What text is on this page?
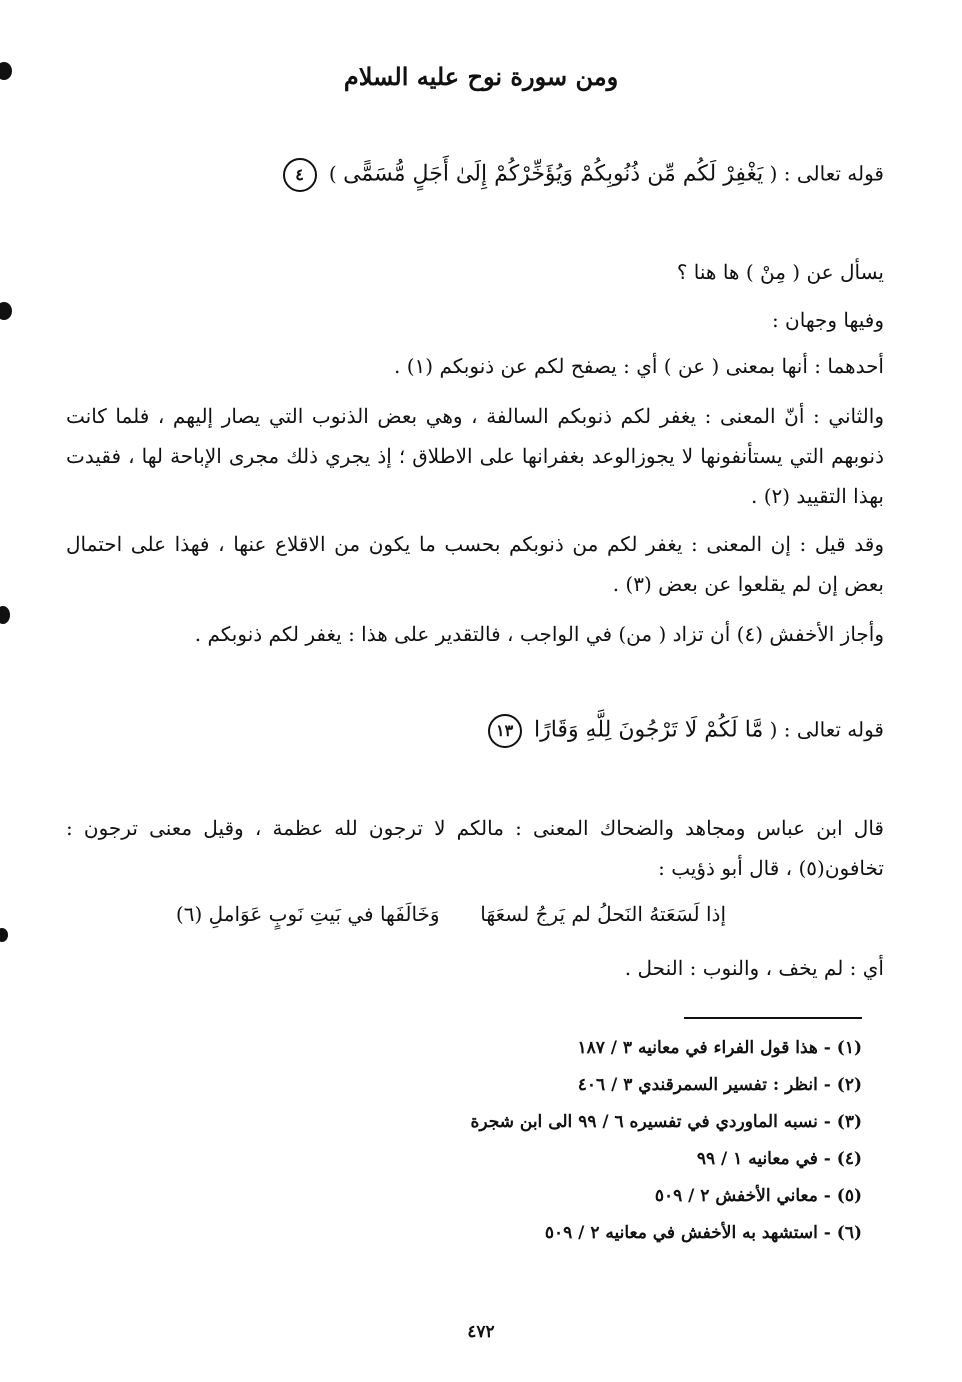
ومن سورة نوح عليه السلام
قوله تعالى : ( يَغْفِرْ لَكُم مِّن ذُنُوبِكُمْ وَيُؤَخِّرْكُمْ إِلَىٰ أَجَلٍ مُّسَمًّى ) ٤
يسأل عن ( مِنْ ) ها هنا ؟
وفيها وجهان :
أحدهما : أنها بمعنى ( عن ) أي : يصفح لكم عن ذنوبكم (١) .
والثاني : أنّ المعنى : يغفر لكم ذنوبكم السالفة ، وهي بعض الذنوب التي يصار إليهم ، فلما كانت ذنوبهم التي يستأنفونها لا يجوزالوعد بغفرانها على الاطلاق ؛ إذ يجري ذلك مجرى الإباحة لها ، فقيدت بهذا التقييد (٢) .
وقد قيل : إن المعنى : يغفر لكم من ذنوبكم بحسب ما يكون من الاقلاع عنها ، فهذا على احتمال بعض إن لم يقلعوا عن بعض (٣) .
وأجاز الأخفش (٤) أن تزاد ( من) في الواجب ، فالتقدير على هذا : يغفر لكم ذنوبكم .
قوله تعالى : ( مَّا لَكُمْ لَا تَرْجُونَ لِلَّهِ وَقَارًا ١٣
قال ابن عباس ومجاهد والضحاك المعنى : مالكم لا ترجون لله عظمة ، وقيل معنى ترجون : تخافون(٥) ، قال أبو ذؤيب :
إذا لَسَعَتهُ النَحلُ لم يَرجُ لسعَهَا  وَخَالَفَها في بَيتِ نَوبٍ عَوَاملِ (٦)
أي : لم يخف ، والنوب : النحل .
(١) - هذا قول الفراء في معانيه ٣ / ١٨٧
(٢) - انظر : تفسير السمرقندي ٣ / ٤٠٦
(٣) - نسبه الماوردي في تفسيره ٦ / ٩٩ الى ابن شجرة
(٤) - في معانيه ١ / ٩٩
(٥) - معاني الأخفش ٢ / ٥٠٩
(٦) - استشهد به الأخفش في معانيه ٢ / ٥٠٩
٤٧٢
